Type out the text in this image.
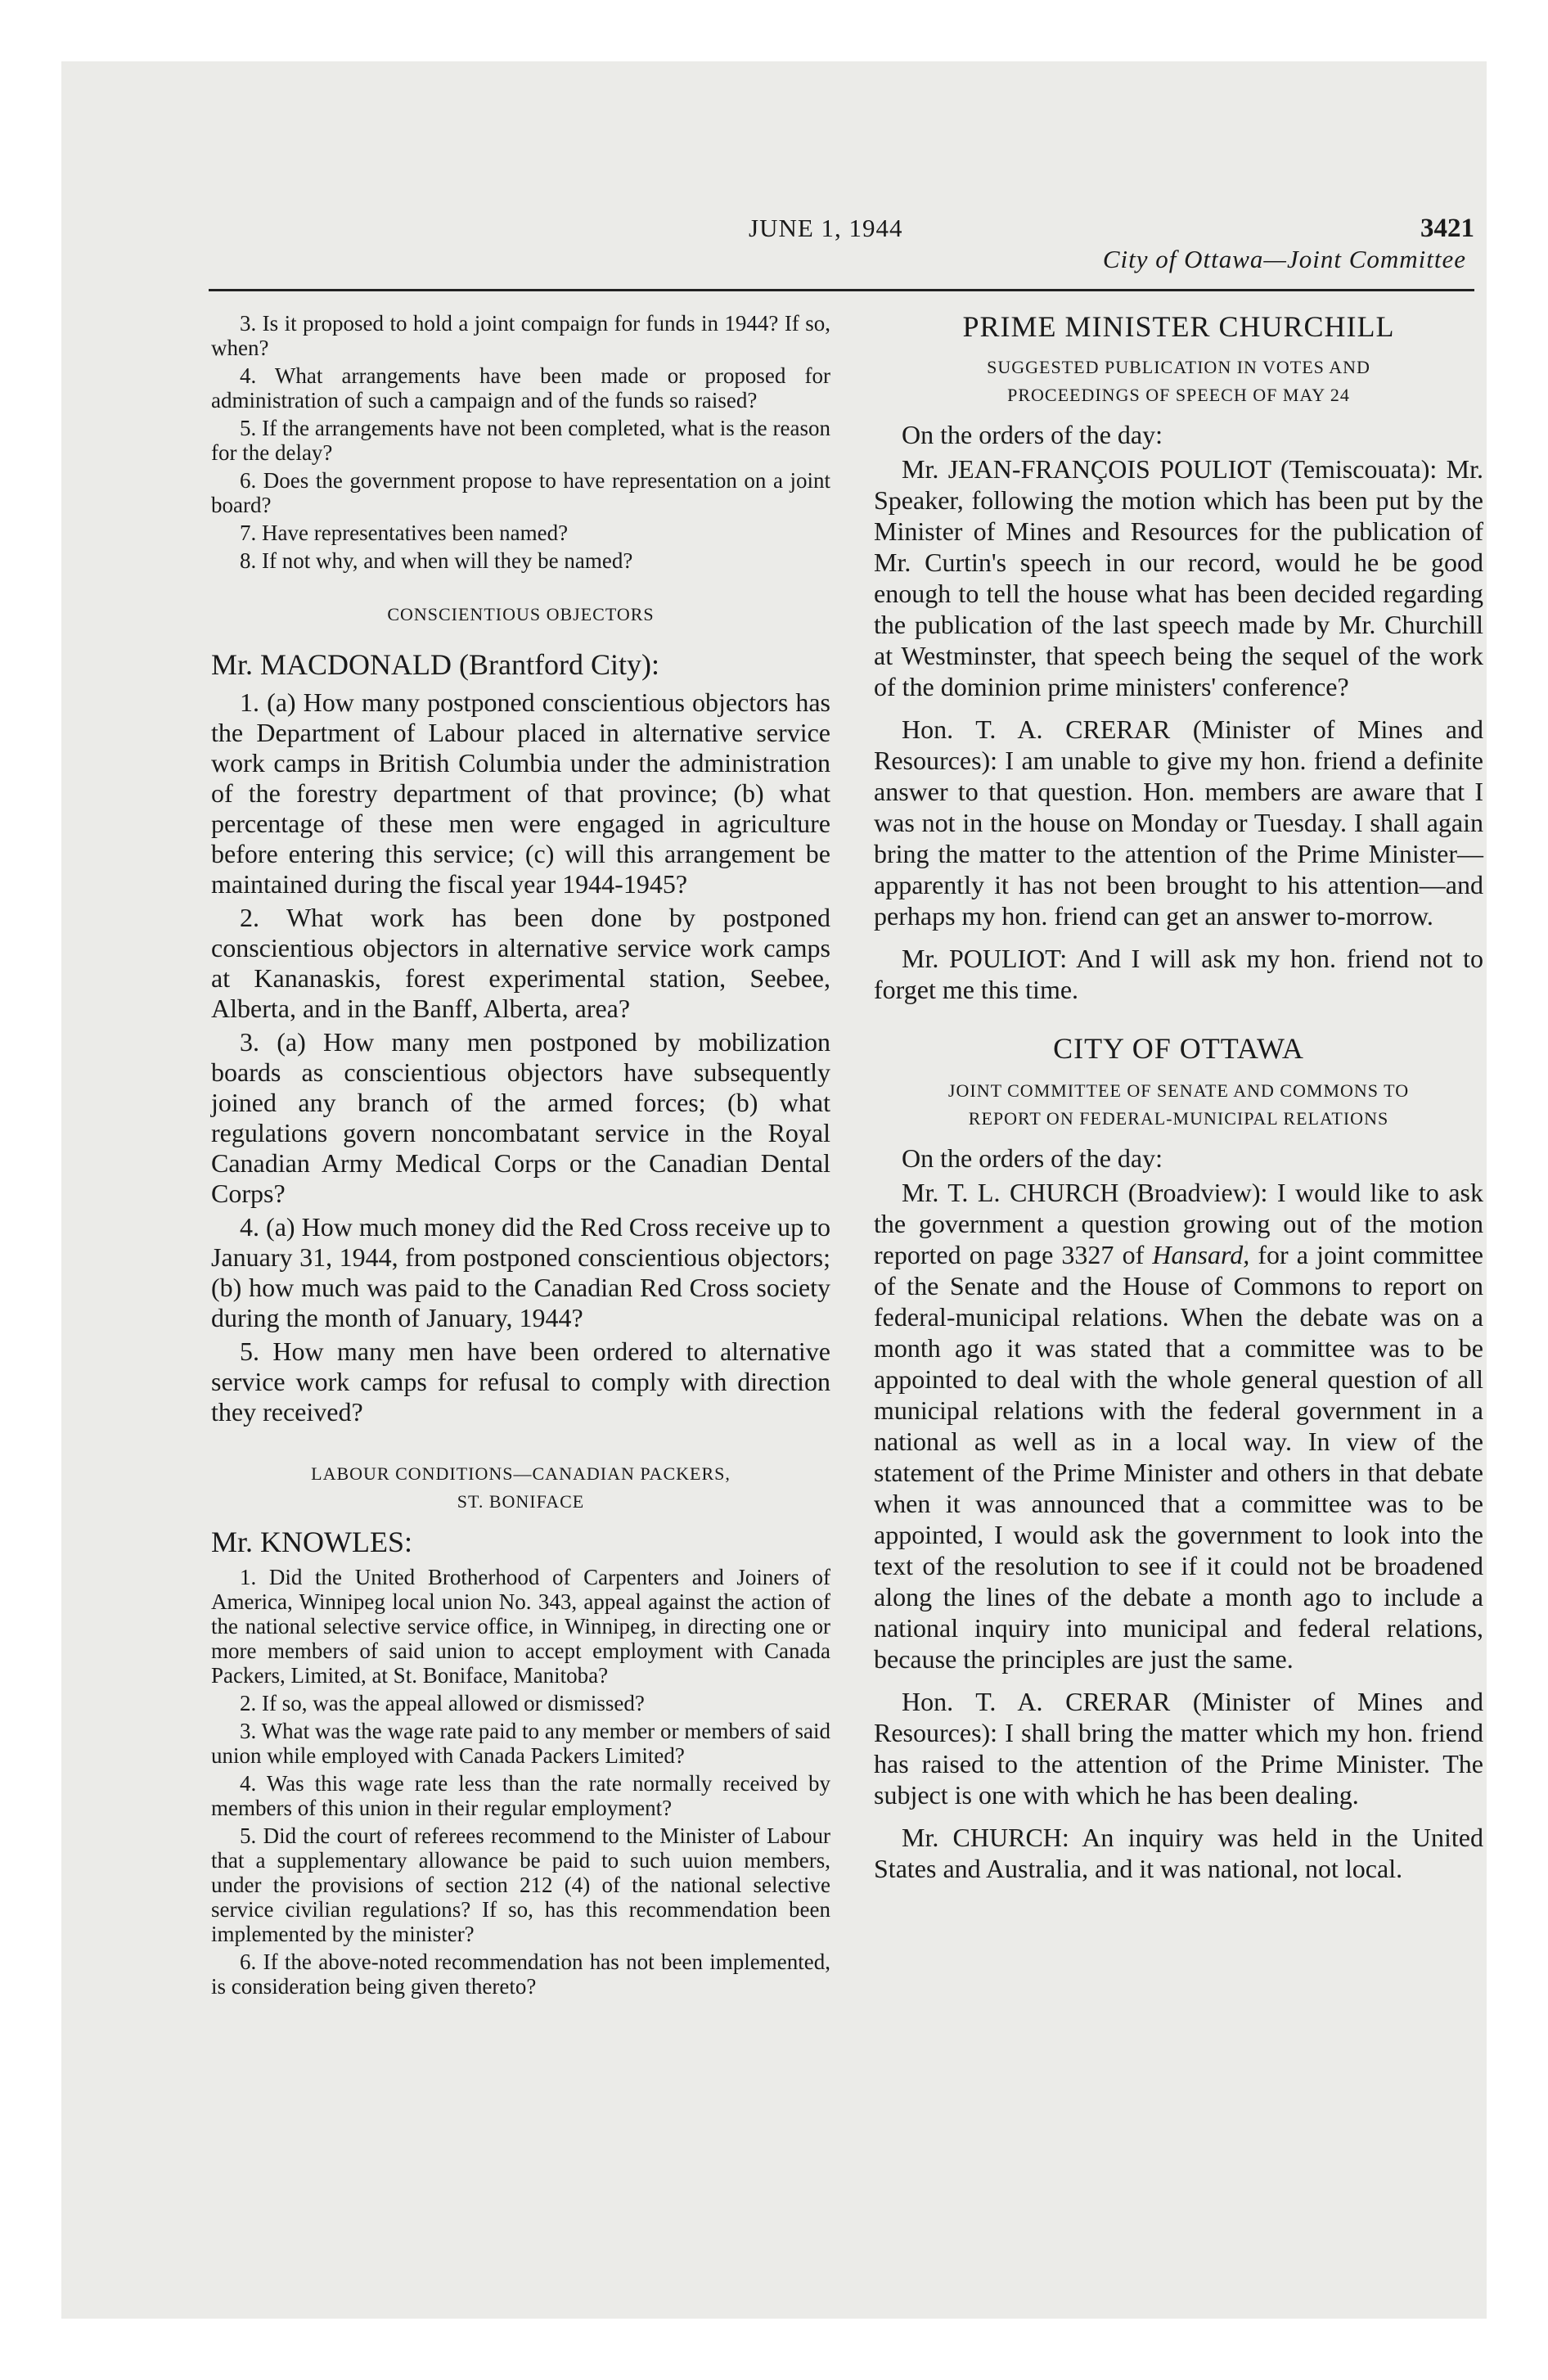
JUNE 1, 1944	3421
City of Ottawa—Joint Committee

3. Is it proposed to hold a joint compaign for funds in 1944? If so, when?

4. What arrangements have been made or proposed for administration of such a campaign and of the funds so raised?

5. If the arrangements have not been completed, what is the reason for the delay?

6. Does the government propose to have representation on a joint board?

7. Have representatives been named?

8. If not why, and when will they be named?

CONSCIENTIOUS OBJECTORS

Mr. MACDONALD (Brantford City):

1. (a) How many postponed conscientious objectors has the Department of Labour placed in alternative service work camps in British Columbia under the administration of the forestry department of that province; (b) what percentage of these men were engaged in agriculture before entering this service; (c) will this arrangement be maintained during the fiscal year 1944-1945?

2. What work has been done by postponed conscientious objectors in alternative service work camps at Kananaskis, forest experimental station, Seebee, Alberta, and in the Banff, Alberta, area?

3. (a) How many men postponed by mobilization boards as conscientious objectors have subsequently joined any branch of the armed forces; (b) what regulations govern noncombatant service in the Royal Canadian Army Medical Corps or the Canadian Dental Corps?

4. (a) How much money did the Red Cross receive up to January 31, 1944, from postponed conscientious objectors; (b) how much was paid to the Canadian Red Cross society during the month of January, 1944?

5. How many men have been ordered to alternative service work camps for refusal to comply with direction they received?

LABOUR CONDITIONS—CANADIAN PACKERS,
ST. BONIFACE

Mr. KNOWLES:

1. Did the United Brotherhood of Carpenters and Joiners of America, Winnipeg local union No. 343, appeal against the action of the national selective service office, in Winnipeg, in directing one or more members of said union to accept employment with Canada Packers, Limited, at St. Boniface, Manitoba?

2. If so, was the appeal allowed or dismissed?

3. What was the wage rate paid to any member or members of said union while employed with Canada Packers Limited?

4. Was this wage rate less than the rate normally received by members of this union in their regular employment?

5. Did the court of referees recommend to the Minister of Labour that a supplementary allowance be paid to such uuion members, under the provisions of section 212 (4) of the national selective service civilian regulations? If so, has this recommendation been implemented by the minister?

6. If the above-noted recommendation has not been implemented, is consideration being given thereto?

PRIME MINISTER CHURCHILL
SUGGESTED PUBLICATION IN VOTES AND
PROCEEDINGS OF SPEECH OF MAY 24

On the orders of the day:

Mr. JEAN-FRANÇOIS POULIOT (Temiscouata): Mr. Speaker, following the motion which has been put by the Minister of Mines and Resources for the publication of Mr. Curtin's speech in our record, would he be good enough to tell the house what has been decided regarding the publication of the last speech made by Mr. Churchill at Westminster, that speech being the sequel of the work of the dominion prime ministers' conference?

Hon. T. A. CRERAR (Minister of Mines and Resources): I am unable to give my hon. friend a definite answer to that question. Hon. members are aware that I was not in the house on Monday or Tuesday. I shall again bring the matter to the attention of the Prime Minister—apparently it has not been brought to his attention—and perhaps my hon. friend can get an answer to-morrow.

Mr. POULIOT: And I will ask my hon. friend not to forget me this time.

CITY OF OTTAWA
JOINT COMMITTEE OF SENATE AND COMMONS TO
REPORT ON FEDERAL-MUNICIPAL RELATIONS

On the orders of the day:

Mr. T. L. CHURCH (Broadview): I would like to ask the government a question growing out of the motion reported on page 3327 of Hansard, for a joint committee of the Senate and the House of Commons to report on federal-municipal relations. When the debate was on a month ago it was stated that a committee was to be appointed to deal with the whole general question of all municipal relations with the federal government in a national as well as in a local way. In view of the statement of the Prime Minister and others in that debate when it was announced that a committee was to be appointed, I would ask the government to look into the text of the resolution to see if it could not be broadened along the lines of the debate a month ago to include a national inquiry into municipal and federal relations, because the principles are just the same.

Hon. T. A. CRERAR (Minister of Mines and Resources): I shall bring the matter which my hon. friend has raised to the attention of the Prime Minister. The subject is one with which he has been dealing.

Mr. CHURCH: An inquiry was held in the United States and Australia, and it was national, not local.
